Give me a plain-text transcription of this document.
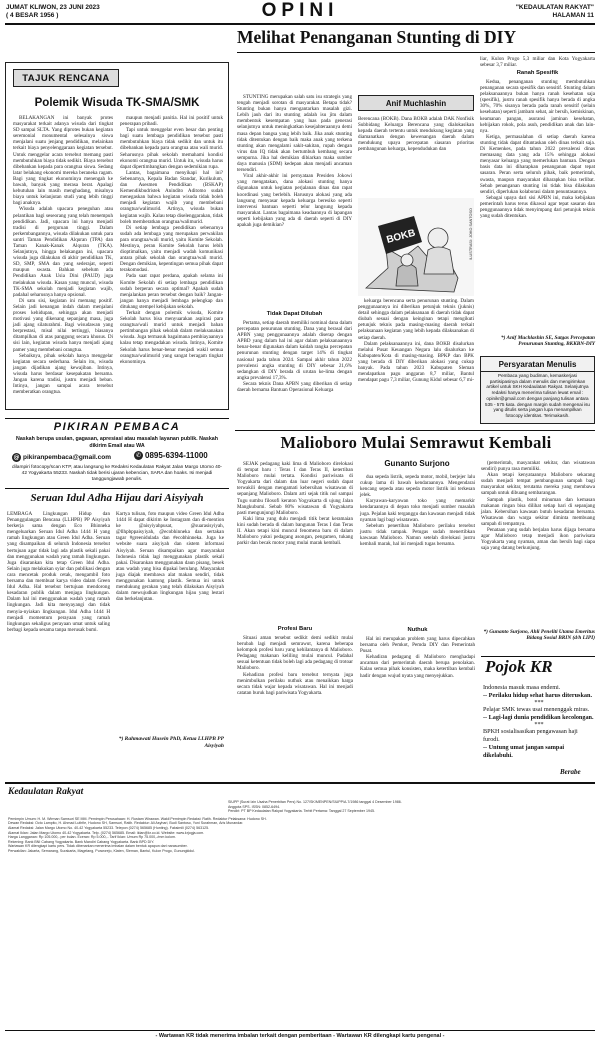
JUMAT KLIWON, 23 JUNI 2023
( 4 BESAR 1956 )	OPINI	"KEDAULATAN RAKYAT"
HALAMAN 11
TAJUK RENCANA
Polemik Wisuda TK-SMA/SMK

BELAKANGAN ini banyak protes masyarakat terkait adanya wisuda dari tingkat SD sampai SLTA. Yang diprotes bukan kegiatan seremonial monumental selesainya siswa menjalani suatu jenjang pendidikan, melainkan terkait biaya penyelenggaraan kegiatan tersebut. Untuk menggelar acara tersebut memang pasti membutuhkan biaya tidak sedikit. Biaya tersebut dibebankan kepada para orangtua siswa. Sedang latar belakang ekonomi mereka beraneka ragam. Bagi yang tingkat ekonominya menengah ke bawah, banyak yang merasa berat. Apalagi kebutuhan lain masih menghadang, misalnya biaya untuk kelanjutan studi yang lebih tinggi bagi anaknya.

Wisuda adalah upacara peneguhan atau pelantikan bagi seseorang yang telah menempuh pendidikan. Jadi, upacara ini hanya menjadi tradisi di perguruan tinggi. Dalam perkembangannya, wisuda dilakukan untuk para santri Taman Pendidikan Alquran (TPA) dan Taman Kanak-Kanak Alquran (TKA). Selanjutnya, hingga belakangan ini, upacara wisuda juga dilakukan di akhir pendidikan TK, SD, SMP, SMA dan yang sederajat, seperti maupun swasta. Bahkan sebelum ada Pendidikan Anak Usia Dini (PAUD) juga melakukan wisuda. Kasan yang muncul, wisuda TK-SMA sekolah menjadi kegiatan wajib, padahal seharusnya hanya opsional.

Di satu sisi, kegiatan ini memang positif. Selain jadi kenangan indah dalam menjalani proses kehidupan, sehingga akan menjadi motivasi yang dikenang sepanjang masa, juga jadi ajang silaturahmi. Bagi wisudawan yang berprestasi, misal nilai tertinggi, biasanya ditampilkan di atas panggung secara khusus. Di sisi lain, kegiatan wisuda hanya menjadi ajang pamer yang membebani orangtua.

Sebaiknya, pihak sekolah hanya menggelar kegiatan secara sederhana. Selain itu, wisuda jangan dijadikan ajang kewajiban. Intinya, wisuda harus berdasar kesepakatan bersama. Jangan karena tradisi, justru menjadi beban. Intinya, jangan sampai acara tersebut memberatkan orangtua.

maupun menjadi panitia. Hal ini positif untuk penerapan pribadi.

Tapi untuk menggelar even besar dan penting bagi suatu lembaga pendidikan tersebut pasti membutuhkan biaya tidak sedikit dan untuk itu dibebankan kepada para orangtua atau wali murid. Seharusnya pihak sekolah memahami kondisi ekonomi orangtua murid. Untuk itu, wisuda harus dapat dipertimbangkan dengan sedemikian rupa.

Lantas, bagaimana menyikapi hal ini? Sebenarnya, Kepala Badan Standar, Kurikulum, dan Asesmen Pendidikan (BSKAP) Kemendikbudristek Anindito Aditomo sudah menegaskan bahwa kegiatan wisuda tidak boleh menjadi kegiatan wajib yang membebani orangtua/walimurid. Artinya, wisuda bukan kegiatan wajib. Kalau tetap diselenggarakan, tidak boleh memberatkan orangtua/walimurid.

Di setiap lembaga pendidikan sebenarnya sudah ada lembaga yang merupakan perwakilan para orangtua/wali murid, yaitu Komite Sekolah. Mestinya, peran Komite Sekolah harus lebih dioptimalkan, yaitu menjadi wadah komunikasi antara pihak sekolah dan orangtua/wali murid. Dengan demikian, kepentingan semua pihak dapat terakomodasi.

Pada saat rapat perdana, apakah selama ini Komite Sekolah di setiap lembaga pendidikan sudah berperan secara optimal? Apakah sudah menjalankan peran tersebut dengan baik? Jangan-jangan hanya menjadi lembaga pelengkap dan ditukang stempel kebijakan sekolah.

Terkait dengan polemik wisuda, Komite Sekolah harus bisa menyuarakan aspirasi para orangtua/wali murid untuk menjadi bahan pertimbangan pihak sekolah dalam melaksanakan wisuda. Juga termasuk bagaimana pembiayaannya kalau tetap mengadakan wisuda. Intinya, Komite Sekolah harus benar-benar menjadi wakil semua orangtua/walimurid yang sangat beragam tingkat ekonominya.

PIKIRAN PEMBACA
Naskah berupa usulan, gagasan, apresiasi atau masalah layanan publik. Naskah dikirim Email atau WA
@ pikiranpembaca@gmail.com	✆ 0895-6394-11000
dilampiri fotocopy/scan KTP, atau langsung ke Redaksi Kedaulatan Rakyat Jalan Margo Utomo 40-42 Yogyakarta 55233. Naskah tidak berisi ujaran kebencian, SARA dan hoaks. Isi menjadi tanggungjawab penulis.
Seruan Idul Adha Hijau dari Aisyiyah
LEMBAGA Lingkungan Hidup dan Penanggulangan Bencana (LLHPB) PP Aisyiyah berkerja sama dengan Eco Bhinneka mengeluarkan Seruan Idul Adha 1444 H yang ramah lingkungan atau Green Idul Adha. Seruan yang disampaikan di seluruh Indonesia tersebut bertujuan agar tidak lagi ada plastik sekali pakai dan menggunakan wadah yang ramah lingkungan. Juga disarankan kita tetap Green Idul Adha. Selain juga melakukan syiar dan publikasi dengan cara mencetak produk cetak, mengambil foto bersama dan membuat karya video dalam Green Idul Adha. Hal tersebut bertujuan mendorong kesadaran publik dalam menjaga lingkungan. Dalam hal ini menggunakan wadah yang ramah lingkungan. Jadi kita menyayangi dan tidak menyia-nyiakan lingkungan. Idul Adha 1444 H menjadi momentum perayaan yang ramah lingkungan sekaligus perayaan umat untuk saling berbagi kepada sesama tanpa merusak bumi.
Kartya tulisan, foto maupun video Green Idul Adha 1444 H dapat dikirim ke Instagram dan di-mention ke @aisyiyahpusat, @suarasisyiyah, @llhpbppaisyiyah, @ecobhinneka dan sertakan tagar #greenidulada dan #ecobhinneka. Juga ke website suara aisyiyah dan sistem informasi Aisyiyah. Seruan disampaikan agar masyarakat Indonesia tidak lagi menggunakan plastik sekali pakai. Disarankan menggunakan daun pisang, besek atau wadah yang bisa dipakai berulang. Masyarakat juga diajak membawa alat makan sendiri, tidak menggunakan kantong plastik. Semua ini untuk mendukung gerakan yang telah dilakukan Aisyiyah dalam mewujudkan lingkungan hijau yang lestari dan berkelanjutan.
*) Rahmawati Husein PhD, Ketua LLHPB PP Aisyiyah
Melihat Penanganan Stunting di DIY

STUNTING merupakan salah satu isu strategis yang tengah menjadi sorotan di masyarakat. Betapa tidak? Stunting bukan hanya mengantarkan masalah gizi. Lebih jauh dari itu stunting adalah isu jitu dalam membentuk kesempatan yang luas pada generasi selanjutnya untuk meningkatkan kesejahteraannya demi masa depan bangsa yang lebih baik. Jika anak stunting tidak ditentukan dengan baik maka anak yang terkena stunting akan mengalami sakit-sakitan, rupah dengan virus dan IQ tidak akan bertumbuh kembang secara sempurna. Jika hal demikian dibiarkan maka sumber daya manusia (SDM) kedepan akan menjadi ancaman tersendiri.

Viral akhir-akhir ini pernyataan Presiden Jokowi yang mengatakan, dana alokasi stunting hanya digunakan untuk kegiatan perjalanan dinas dan rapat koordinasi yang berlebih. Harusnya alokasi yang ada langsung menyasar kepada keluarga beresiko seperti intervensi bantuan seperti telur langsung kepada masyarakat. Lantas bagaimana keadaannya di lapangan seperti kebijakan yang ada di daerah seperti di DIY apakah juga demikian?

Tidak Dapat Dilubah

Pertama, setiap daerah memiliki nominal dana dalam percepatan penurunan stunting. Dana yang berasal dari APBN yang penggunaannya adalah diserap dengan APBD yang dalam hal ini agar dalam pelaksanaannya benar-benar digunakan dalam kaidah rangka percepatan penurunan stunting dengan target 14% di tingkat nasional pada tahun 2024. Sampai akhir tahun 2022 prevalensi angka stunting di DIY sebesar 21,6% sedangkan di DIY berada di urutan ke-lima dengan angka prevalensi 17,3%.

Secara teknis Dana APBN yang diberikan di setiap daerah bernama Bantuan Operasional Keluarga

Anif Muchlashin
Berencana (BOKB). Dana BOKB adalah DAK Nonfisik Subbidang Keluarga Berencana yang dialokasikan kepada daerah tertentu untuk mendukung kegiatan yang diamanatkan dengan kewenangan daerah dalam mendukung upaya percepatan siasaran prioritas pembangunan keluarga, kependudukan dan
BOKB	ILUSTRASI: JOKO SANTOSO

keluarga berencana serta penurunan stunting. Dalam penggunaannya ini diberikan petunjuk teknis (juknis) detail sehingga dalam pelaksanaan di daerah tidak dapat diubah sesuai dengan keinginan tetapi mengikuti petunjuk teknis pada masing-masing daerah terkait pelaksanaan kegiatan yang lebih kepada dilaksanakan di setiap daerah.

Dalam pelaksanaannya ini, dana BOKB disalurkan melalui Pusat Keuangan Negara lalu disalurkan ke Kabupaten/Kota di masing-masing. BPKP dan BPK yang berada di DIY diberikan alokasi yang cukup banyak. Pada tahun 2023 Kabupaten Sleman mendapatkan pagu anggaran 8,7 miliar, Bantul mendapat pagu 7,3 miliar, Gunung Kidul sebesar 6,7 mi-

liar, Kulon Progo 5,3 miliar dan Kota Yogyakarta sebesar 3,7 miliar.
Ranah Spesifik

Kedua, penanganan stunting membutuhkan penanganan secara spesifik dan sensitif. Stunting dalam pelaksanaannya bukan hanya ranah kesehatan saja (spesifik), justru ranah spesifik hanya berada di angka 30%, 70% sisanya berada pada ranah sensitif (selain kesehatan) seperti jambam sehat, air bersih, kemiskinan, keamanan pangan, asuransi jaminan kesehatan, kebijakan rokok, pola asuh, pendidikan anak dan lain-nya.

Ketiga, permasalahan di setiap daerah karena stunting tidak dapat dituntaskan oleh dinas terkait saja. Di Kemenkes, pada tahun 2022 prevalensi dinas memasang data yang ada 15% sehingga alokasi menyasar keluarga yang memerlukan bantuan. Dengan basis data ini diharapkan penanganan dapat tepat sasaran. Peran serta seluruh pihak, baik pemerintah, swasta, maupun masyarakat diharapkan bisa terlibat. Sebab penanganan stunting ini tidak bisa dilakukan sendiri, diperlukan kolaborasi dalam penuntasannya.

Sebagai upaya dari sisi APBN ini, maka kebijakan pemerintah harus terus dikawal agar tepat sasaran dan penggunaannya tidak menyimpang dari petunjuk teknis yang sudah ditentukan.

*) Anif Muchlashin SE, Satgas Percepatan Penurunan Stunting, BKKBN-DIY
Persyaratan Menulis
Pembaca yang budiman, kemaskerjasi partisipasinya dalam menulis dan mengirimkan artikel untuk SKH Kedaulatan Rakyat. Selanjutnya redaksi hanya menerima tulisan lewat email : opinikr@gmail.com dengan panjang tulisan antara 535 - 575 kata. dengan margin sudah mengenai isu yang ditulis serta jangan lupa menampilkan fotocopy identitas. Terimakasih.
Malioboro Mulai Semrawut Kembali
Gunanto Surjono

SEJAK pedagang kaki lima di Malioboro direlokasi di tempat baru : Teras I dan Teras II, ketertiban Malioboro mulai tertata. Kondisi pariwisata di Yogyakarta dari dalam dan luar negeri sudah dapat terwakili dengan mengamati kebersihan wisatawan di sepanjang Malioboro. Dalam arti sejak titik nol sampai Tugu sumbu filosofi keraton Yogyakarta di ujung Jalan Mangkubumi. Sebab 80% wisatawan di Yogyakarta pasti mengunjungi Malioboro.

Kaki lima yang dulu menjadi titik berat keramaian kini sudah berada di dalam bangunan Teras I dan Teras II. Akan tetapi kini muncul fenomena baru di dalam Malioboro yakni pedagang asongan, pengamen, tukang parkir dan becak motor yang mulai marak kembali.

Profesi Baru

Situasi aman tersebut sedikit demi sedikit mulai berubah lagi menjadi semrawut, karena beberapa kelompok profesi baru yang kehilantanya di Malioboro. Pedagang makanan keliling mulai muncul. Padahal sesuai ketentuan tidak boleh lagi ada pedagang di trotoar Malioboro.

Kehadiran profesi baru tersebut ternyata juga menimbulkan perilaku nuthuk atau menaikkan harga secara tidak wajar kepada wisatawan. Hal ini menjadi catatan buruk bagi pariwisata Yogyakarta.

dua sepeda listrik, sepeda motor, mobil, berjejer lalu cukup lama di bawah kendaraannya. Mengendarai kencang sepeda atau sepeda motor listrik ini terkesan jelek.

Karyawan-karyawan toko yang memarkir kendaraannya di depan toko menjadi sumber masalah juga. Pejalan kaki terganggu dan kawasan menjadi tidak nyaman lagi bagi wisatawan.

Sebelum penertiban Malioboro perilaku tersebut justru tidak tampak. Petugas sudah menertibkan kawasan Malioboro. Namun setelah direlokasi justru kembali marak, hal ini menjadi tugas bersama.

Nuthuk

Hal ini merupakan problem yang harus dipecahkan bersama oleh Pemkot, Pemda DIY dan Pemerintah Pusat.

Kehadiran pedagang di Malioboro menghadapi ancaman dari pemerintah daerah berupa penolakan. Kalau semua pihak konsisten, maka ketertiban kembali hadir dengan wujud nyata yang menyejukkan.

(pemerintah, masyarakat sekitar, dan wisatawan sendiri) punya rasa memiliki.

Akan tetapi kenyataannya Malioboro sekarang sudah menjadi tempat pembangunan sampah bagi masyarakat sekitar, terutama mereka yang membawa sampah untuk dibuang sembarangan.

Sampah plastik, botol minuman dan kemasan makanan ringan bisa dilihat setiap hari di sepanjang jalan. Kebersihan kawasan butuh kesadaran bersama. Wisatawan dan warga sekitar diminta membuang sampah di tempatnya.

Penataan yang sudah berjalan harus dijaga bersama agar Malioboro tetap menjadi ikon pariwisata Yogyakarta yang nyaman, aman dan bersih bagi siapa saja yang datang berkunjung.

*) Gunanto Surjono, Ahli Peneliti Utama Emeritus Bidang Sosial BRIN (d/h LIPI)
Pojok KR
Indonesia masuk masa endemi.
-- Perilaku hidup sehat harus diteruskan.
***
Pelajar SMK tewas usai menenggak miras.
-- Lagi-lagi dunia pendidikan kecolongan.
***
BPKH sosialisasikan pengawasan haji furodi.
-- Untung umat jangan sampai dikelabuhi.
Berabe
Kedaulatan Rakyat
SIUPP (Surat Izin Usaha Penerbitan Pers) No. 127/SK/MENPEN/SIUPP/A.7/1986 tanggal 4 Desember 1986.
Anggota SPS. ISSN: 0852-6494.
Pendiri: PT BP Kedaulatan Rakyat Yogyakarta. Terbit Pertama: Tanggal 27 September 1945.
Pemimpin Umum: H. M. Wirman Samsuri SE MM. Pemimpin Perusahaan: H. Rustam Wirawan. Wakil Pemimpin Redaksi: Ratih. Redaktur Pelaksana: Hudono SH.
Dewan Redaksi: Octo Lampito, H. Ahmad Luthfie, Hudono SH, Samsuri, Ratih. Redaktur: Ali Asyhari, Budi Santoso, Yuni Surahman, Aris Munandar.
Alamat Redaksi: Jalan Margo Utomo No. 40-42 Yogyakarta 55233. Telepon (0274) 565685 (Hunting). Faksimili (0274) 563125.
Alamat Iklan: Jalan Margo Utomo 40-42 Yogyakarta. Telp. (0274) 565685. Email: iklan@kr.co.id. Website: www.krjogja.com.
Harga Langganan: Rp 105.000,- per bulan. Eceran: Rp 5.000,-. Tarif Iklan: Umum Rp 75.000,-/mm kolom.
Rekening: Bank BNI Cabang Yogyakarta. Bank Mandiri Cabang Yogyakarta. Bank BPD DIY.
Wartawan KR dilengkapi kartu pers. Tidak dibenarkan menerima imbalan dalam bentuk apapun dari narasumber.
Perwakilan: Jakarta, Semarang, Surakarta, Magelang, Purworejo, Klaten, Sleman, Bantul, Kulon Progo, Gunungkidul.
- Wartawan KR tidak menerima imbalan terkait dengan pemberitaan - Wartawan KR dilengkapi kartu pengenal -
